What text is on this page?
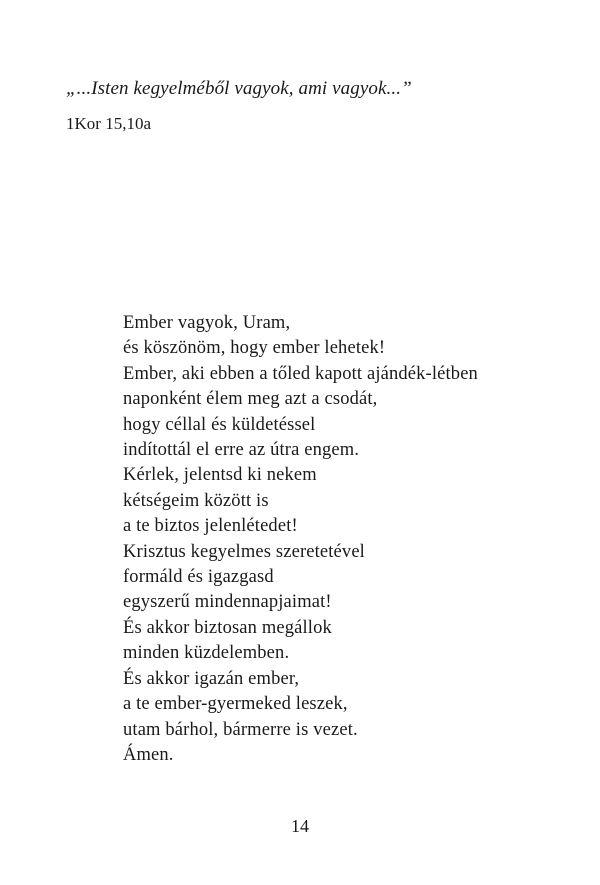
„...Isten kegyelméből vagyok, ami vagyok...”

1Kor 15,10a

Ember vagyok, Uram,
és köszönöm, hogy ember lehetek!
Ember, aki ebben a tőled kapott ajándék-létben
naponként élem meg azt a csodát,
hogy céllal és küldetéssel
indítottál el erre az útra engem.
Kérlek, jelentsd ki nekem
kétségeim között is
a te biztos jelenlétedet!
Krisztus kegyelmes szeretetével
formáld és igazgasd
egyszerű mindennapjaimat!
És akkor biztosan megállok
minden küzdelemben.
És akkor igazán ember,
a te ember-gyermeked leszek,
utam bárhol, bármerre is vezet.
Ámen.
14
